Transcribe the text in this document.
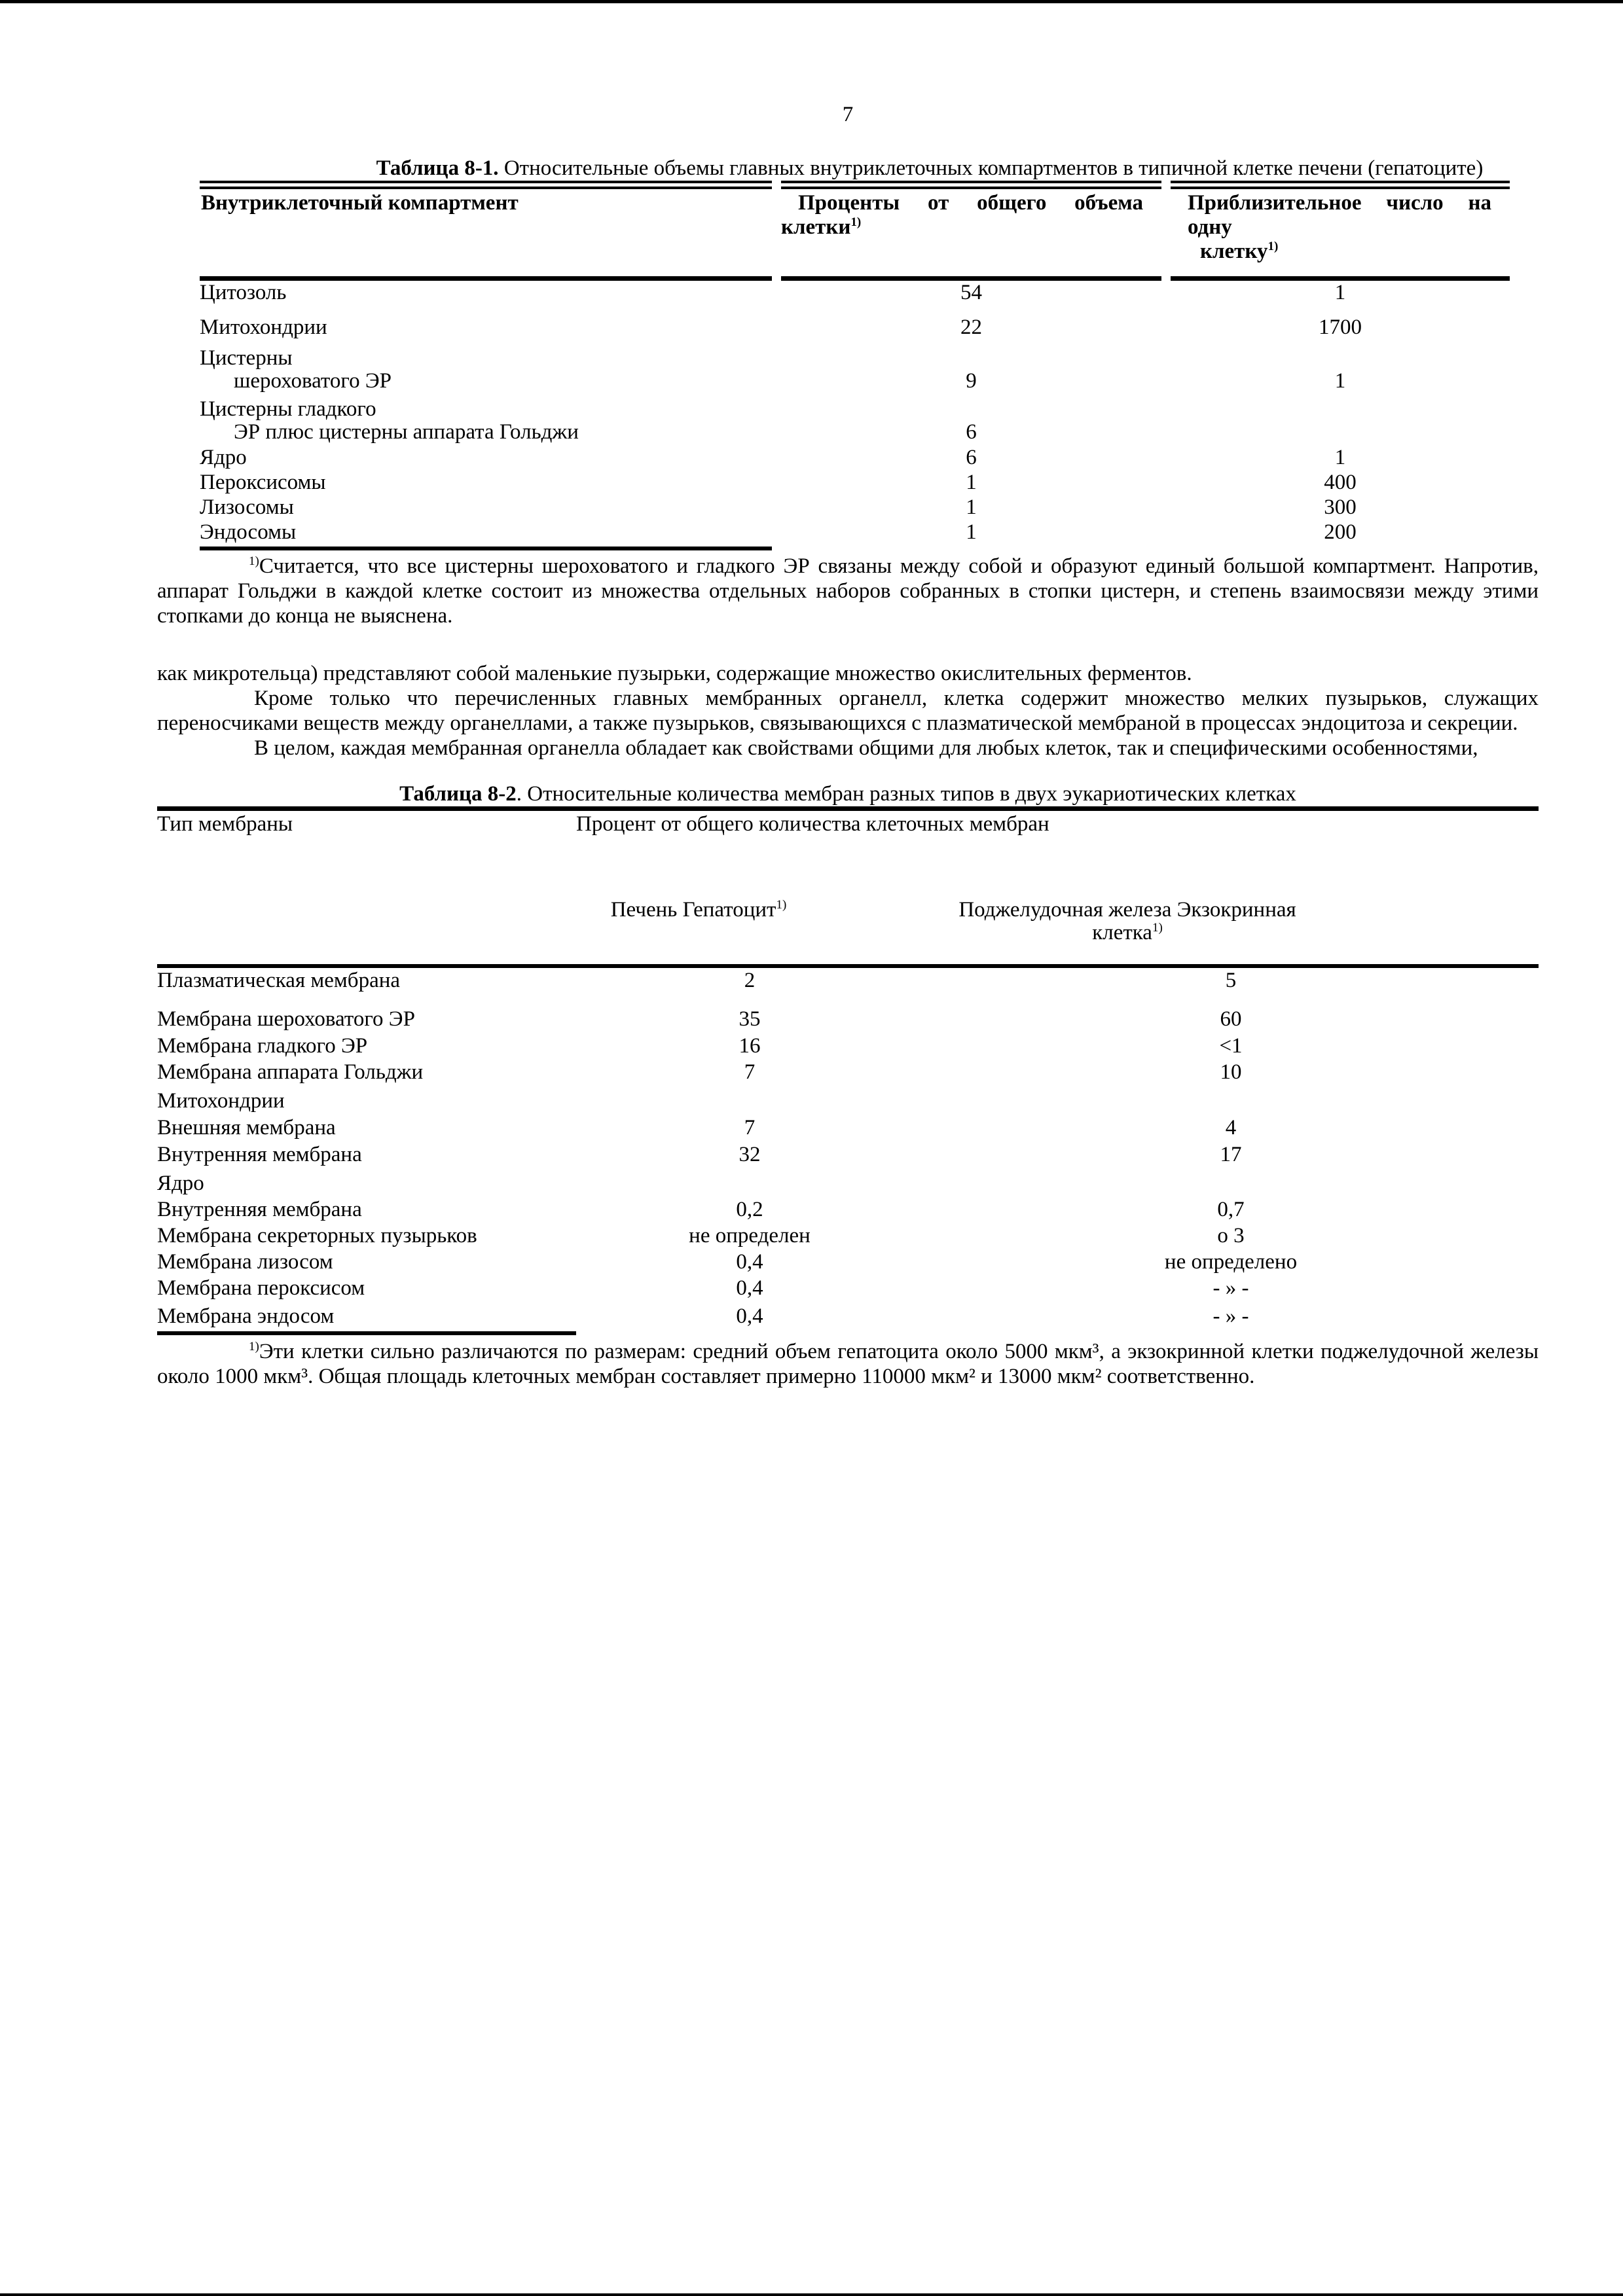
7
Таблица 8-1. Относительные объемы главных внутриклеточных компартментов в типичной клетке печени (гепатоците)
Внутриклеточный компартмент	Проценты от общего объема
клетки$^{1)}$

Приблизительное число на одну
клетку$^{1)}$

Цитозоль	54	1

Митохондрии	22	1700

Цистерны
шероховатого ЭР	9	1

Цистерны гладкого
ЭР плюс цистерны аппарата Гольджи	6	

Ядро	6	1

Пероксисомы	1	400

Лизосомы	1	300

Эндосомы	1	200
$^{1)}$Считается, что все цистерны шероховатого и гладкого ЭР связаны между собой и образуют единый большой компартмент. Напротив, аппарат Гольджи в каждой клетке состоит из множества отдельных наборов собранных в стопки цистерн, и степень взаимосвязи между этими стопками до конца не выяснена.

как микротельца) представляют собой маленькие пузырьки, содержащие множество окислительных ферментов.

Кроме только что перечисленных главных мембранных органелл, клетка содержит множество мелких пузырьков, служащих переносчиками веществ между органеллами, а также пузырьков, связывающихся с плазматической мембраной в процессах эндоцитоза и секреции.

В целом, каждая мембранная органелла обладает как свойствами общими для любых клеток, так и специфическими особенностями,

Таблица 8-2. Относительные количества мембран разных типов в двух эукариотических клетках
Тип мембраны	Процент от общего количества клеточных мембран	
	Печень Гепатоцит$^{1)}$	Поджелудочная железа Экзокринная клетка$^{1)}$
Плазматическая мембрана	2	5
Мембрана шероховатого ЭР	35	60
Мембрана гладкого ЭР	16	<1
Мембрана аппарата Гольджи	7	10
Митохондрии		
Внешняя мембрана	7	4
Внутренняя мембрана	32	17
Ядро		
Внутренняя мембрана	0,2	0,7
Мембрана секреторных пузырьков	не определен	о 3
Мембрана лизосом	0,4	не определено
Мембрана пероксисом	0,4	- » -
Мембрана эндосом	0,4	- » -
$^{1)}$Эти клетки сильно различаются по размерам: средний объем гепатоцита около 5000 мкм³, а экзокринной клетки поджелудочной железы около 1000 мкм³. Общая площадь клеточных мембран составляет примерно 110000 мкм² и 13000 мкм² соответственно.
